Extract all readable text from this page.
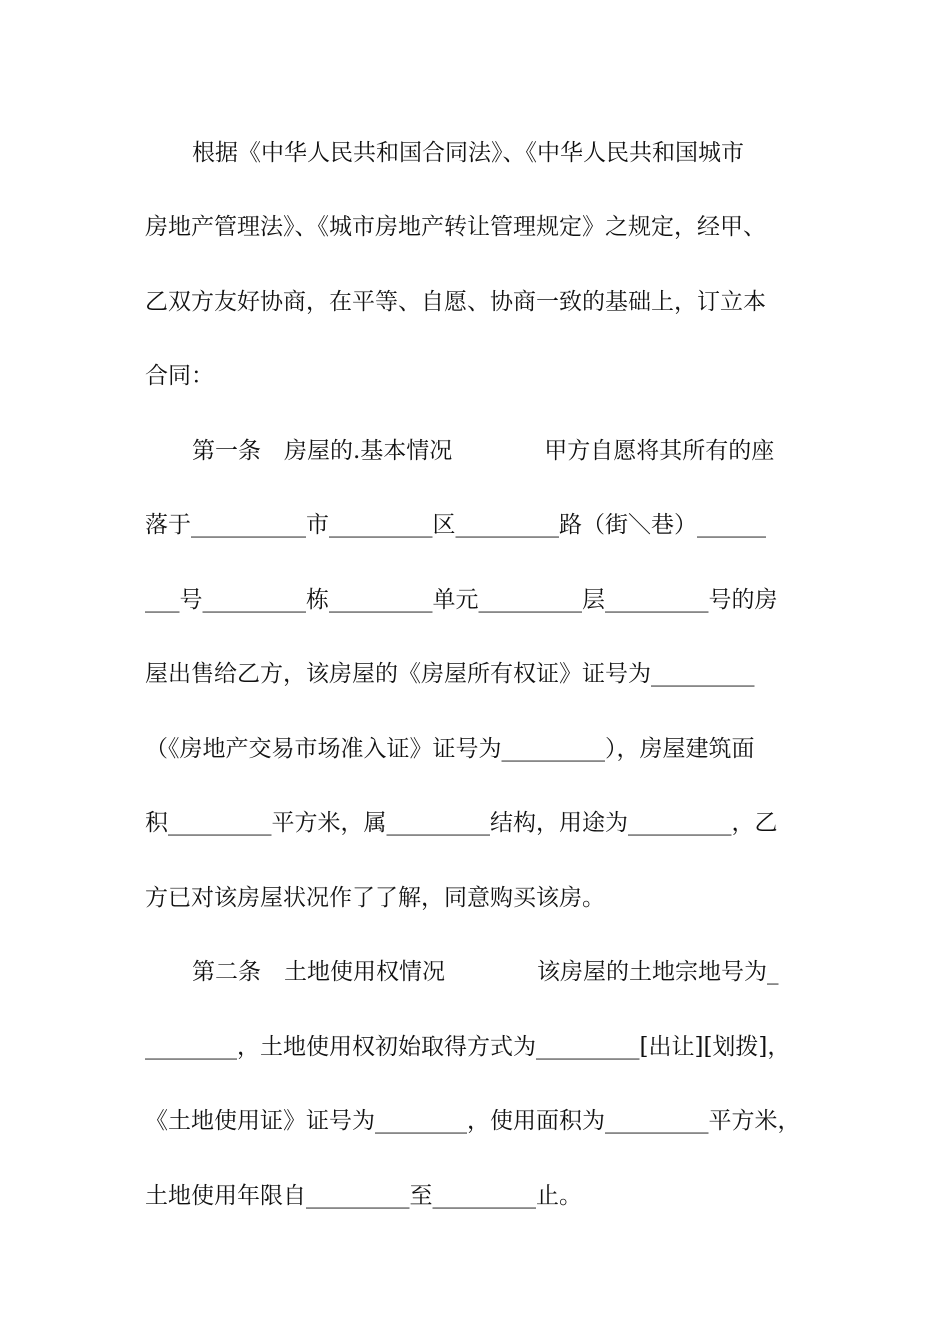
根据《中华人民共和国合同法》、《中华人民共和国城市
房地产管理法》、《城市房地产转让管理规定》之规定，经甲、
乙双方友好协商，在平等、自愿、协商一致的基础上，订立本
合同：
第一条　房屋的.基本情况　　　　甲方自愿将其所有的座
落于__________市_________区_________路（街＼巷）______
___号_________栋_________单元_________层_________号的房
屋出售给乙方，该房屋的《房屋所有权证》证号为_________
（《房地产交易市场准入证》证号为_________），房屋建筑面
积_________平方米，属_________结构，用途为_________，乙
方已对该房屋状况作了了解，同意购买该房。
第二条　土地使用权情况　　　　该房屋的土地宗地号为_
________，土地使用权初始取得方式为_________[出让][划拨]，
《土地使用证》证号为________，使用面积为_________平方米，
土地使用年限自_________至_________止。
